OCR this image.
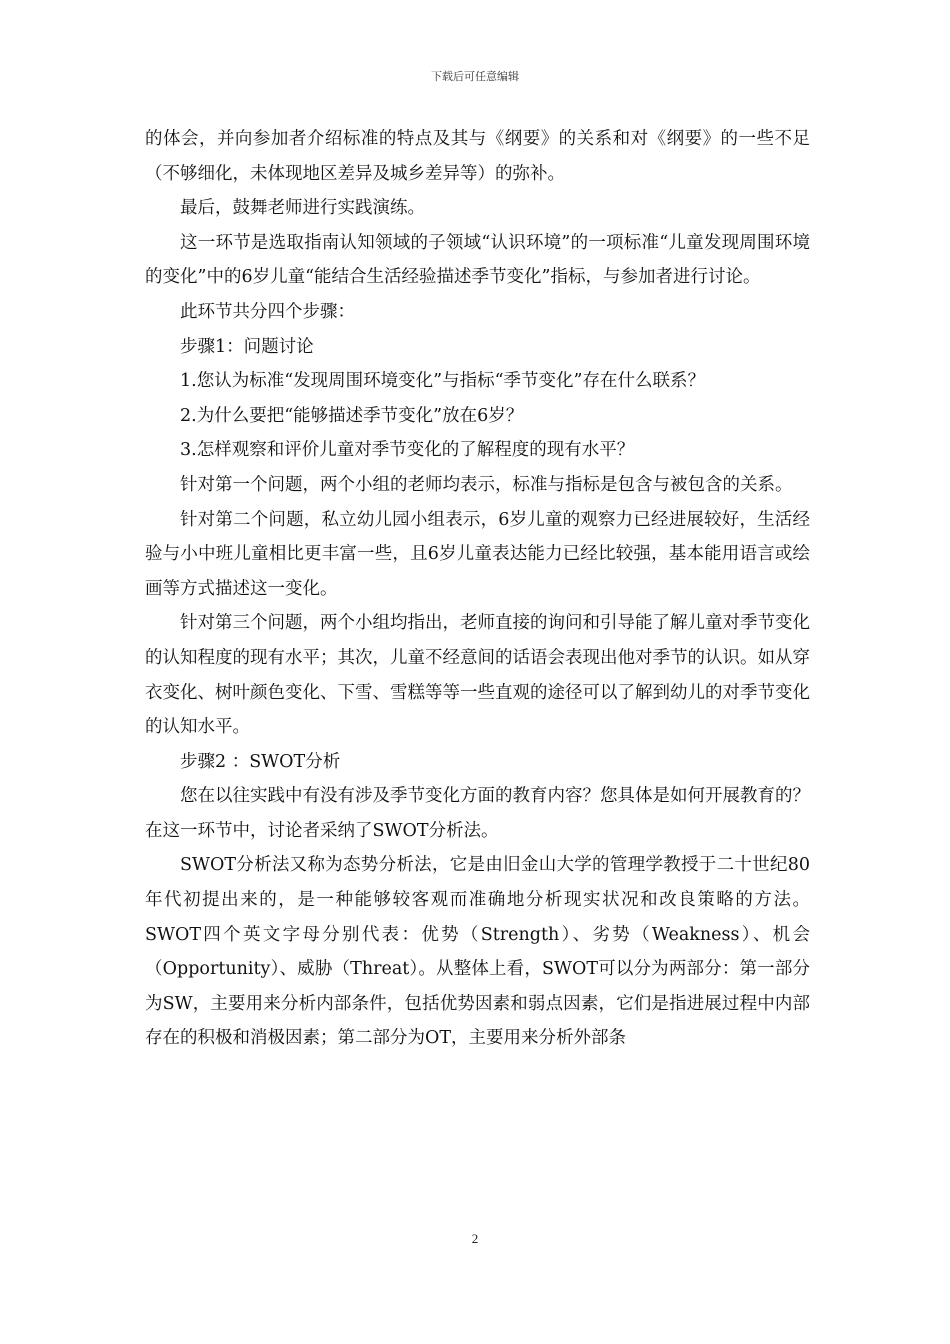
下载后可任意编辑

的体会，并向参加者介绍标准的特点及其与《纲要》的关系和对《纲要》的一些不足（不够细化，未体现地区差异及城乡差异等）的弥补。

最后，鼓舞老师进行实践演练。

这一环节是选取指南认知领域的子领域“认识环境”的一项标准“儿童发现周围环境的变化”中的6岁儿童“能结合生活经验描述季节变化”指标，与参加者进行讨论。

此环节共分四个步骤：

步骤1：问题讨论

1.您认为标准“发现周围环境变化”与指标“季节变化”存在什么联系？

2.为什么要把“能够描述季节变化”放在6岁？

3.怎样观察和评价儿童对季节变化的了解程度的现有水平？

针对第一个问题，两个小组的老师均表示，标准与指标是包含与被包含的关系。

针对第二个问题，私立幼儿园小组表示，6岁儿童的观察力已经进展较好，生活经验与小中班儿童相比更丰富一些，且6岁儿童表达能力已经比较强，基本能用语言或绘画等方式描述这一变化。

针对第三个问题，两个小组均指出，老师直接的询问和引导能了解儿童对季节变化的认知程度的现有水平；其次，儿童不经意间的话语会表现出他对季节的认识。如从穿衣变化、树叶颜色变化、下雪、雪糕等等一些直观的途径可以了解到幼儿的对季节变化的认知水平。

步骤2 ：SWOT分析

您在以往实践中有没有涉及季节变化方面的教育内容？您具体是如何开展教育的？在这一环节中，讨论者采纳了SWOT分析法。

SWOT分析法又称为态势分析法，它是由旧金山大学的管理学教授于二十世纪80年代初提出来的，是一种能够较客观而准确地分析现实状况和改良策略的方法。SWOT四个英文字母分别代表：优势（Strength）、劣势（Weakness）、机会（Opportunity）、威胁（Threat）。从整体上看，SWOT可以分为两部分：第一部分为SW，主要用来分析内部条件，包括优势因素和弱点因素，它们是指进展过程中内部存在的积极和消极因素；第二部分为OT，主要用来分析外部条

2
